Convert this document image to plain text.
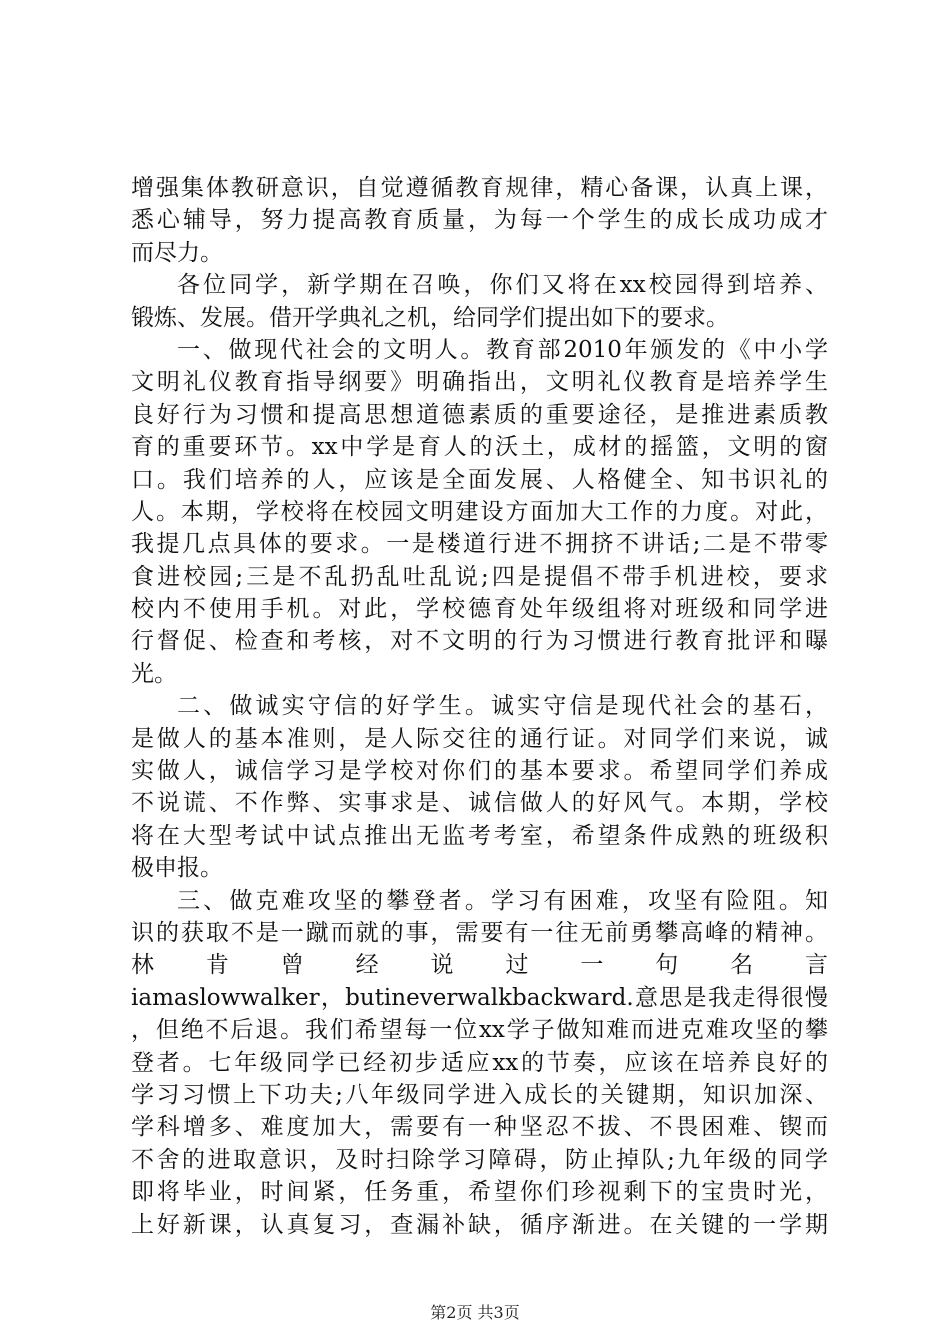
增强集体教研意识，自觉遵循教育规律，精心备课，认真上课，
悉心辅导，努力提高教育质量，为每一个学生的成长成功成才
而尽力。
各位同学，新学期在召唤，你们又将在xx校园得到培养、
锻炼、发展。借开学典礼之机，给同学们提出如下的要求。
一、做现代社会的文明人。教育部2010年颁发的《中小学
文明礼仪教育指导纲要》明确指出，文明礼仪教育是培养学生
良好行为习惯和提高思想道德素质的重要途径，是推进素质教
育的重要环节。xx中学是育人的沃土，成材的摇篮，文明的窗
口。我们培养的人，应该是全面发展、人格健全、知书识礼的
人。本期，学校将在校园文明建设方面加大工作的力度。对此，
我提几点具体的要求。一是楼道行进不拥挤不讲话;二是不带零
食进校园;三是不乱扔乱吐乱说;四是提倡不带手机进校，要求
校内不使用手机。对此，学校德育处年级组将对班级和同学进
行督促、检查和考核，对不文明的行为习惯进行教育批评和曝
光。
二、做诚实守信的好学生。诚实守信是现代社会的基石，
是做人的基本准则，是人际交往的通行证。对同学们来说，诚
实做人，诚信学习是学校对你们的基本要求。希望同学们养成
不说谎、不作弊、实事求是、诚信做人的好风气。本期，学校
将在大型考试中试点推出无监考考室，希望条件成熟的班级积
极申报。
三、做克难攻坚的攀登者。学习有困难，攻坚有险阻。知
识的获取不是一蹴而就的事，需要有一往无前勇攀高峰的精神。
林　肯　曾　经　说　过　一　句　名　言
iamaslowwalker，butineverwalkbackward.意思是我走得很慢
，但绝不后退。我们希望每一位xx学子做知难而进克难攻坚的攀
登者。七年级同学已经初步适应xx的节奏，应该在培养良好的
学习习惯上下功夫;八年级同学进入成长的关键期，知识加深、
学科增多、难度加大，需要有一种坚忍不拔、不畏困难、锲而
不舍的进取意识，及时扫除学习障碍，防止掉队;九年级的同学
即将毕业，时间紧，任务重，希望你们珍视剩下的宝贵时光，
上好新课，认真复习，查漏补缺，循序渐进。在关键的一学期
第2页 共3页
